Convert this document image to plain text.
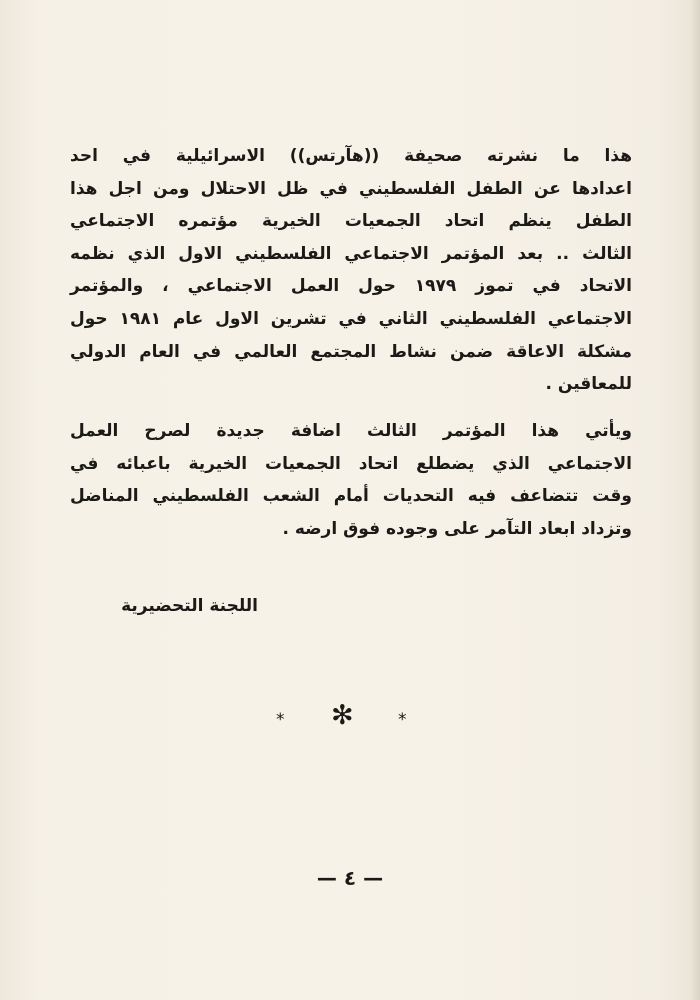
هذا ما نشرته صحيفة ((هآرتس)) الاسرائيلية في احد
اعدادها عن الطفل الفلسطيني في ظل الاحتلال ومن اجل هذا
الطفل ينظم اتحاد الجمعيات الخيرية مؤتمره الاجتماعي
الثالث .. بعد المؤتمر الاجتماعي الفلسطيني الاول الذي نظمه
الاتحاد في تموز ١٩٧٩ حول العمل الاجتماعي ، والمؤتمر
الاجتماعي الفلسطيني الثاني في تشرين الاول عام ١٩٨١ حول
مشكلة الاعاقة ضمن نشاط المجتمع العالمي في العام الدولي
للمعاقين .
ويأتي هذا المؤتمر الثالث اضافة جديدة لصرح العمل
الاجتماعي الذي يضطلع اتحاد الجمعيات الخيرية باعبائه في
وقت تتضاعف فيه التحديات أمام الشعب الفلسطيني المناضل
وتزداد ابعاد التآمر على وجوده فوق ارضه .
اللجنة التحضيرية
* ✻	*
— ٤ —
